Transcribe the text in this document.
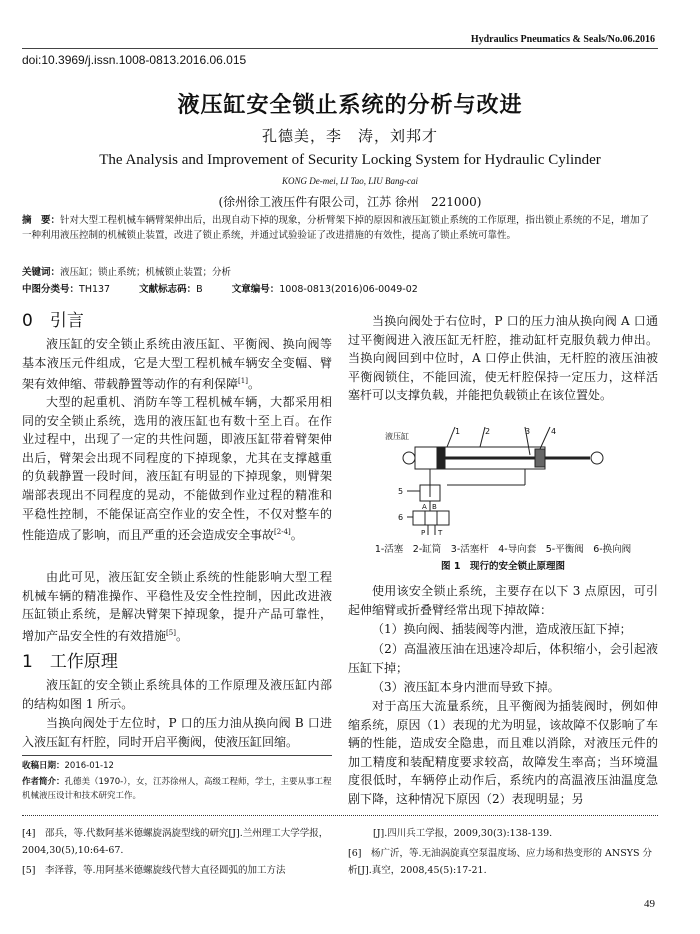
Hydraulics Pneumatics & Seals/No.06.2016
doi:10.3969/j.issn.1008-0813.2016.06.015
液压缸安全锁止系统的分析与改进
孔德美，李　涛，刘邦才
The Analysis and Improvement of Security Locking System for Hydraulic Cylinder
KONG De-mei, LI Tao, LIU Bang-cai
(徐州徐工液压件有限公司，江苏 徐州　221000)
摘　要：针对大型工程机械车辆臂架伸出后，出现自动下掉的现象，分析臂架下掉的原因和液压缸锁止系统的工作原理，指出锁止系统的不足，增加了一种利用液压控制的机械锁止装置，改进了锁止系统，并通过试验验证了改进措施的有效性，提高了锁止系统可靠性。
关键词：液压缸；锁止系统；机械锁止装置；分析
中图分类号：TH137	文献标志码：B	文章编号：1008-0813(2016)06-0049-02
0　引言
液压缸的安全锁止系统由液压缸、平衡阀、换向阀等基本液压元件组成，它是大型工程机械车辆安全变幅、臂架有效伸缩、带载静置等动作的有利保障[1]。
大型的起重机、消防车等工程机械车辆，大都采用相同的安全锁止系统，选用的液压缸也有数十至上百。在作业过程中，出现了一定的共性问题，即液压缸带着臂架伸出后，臂架会出现不同程度的下掉现象，尤其在支撑越重的负载静置一段时间，液压缸有明显的下掉现象，则臂架端部表现出不同程度的晃动，不能做到作业过程的精准和平稳性控制，不能保证高空作业的安全性，不仅对整车的性能造成了影响，而且严重的还会造成安全事故[2-4]。
由此可见，液压缸安全锁止系统的性能影响大型工程机械车辆的精准操作、平稳性及安全性控制，因此改进液压缸锁止系统，是解决臂架下掉现象，提升产品可靠性，增加产品安全性的有效措施[5]。
1　工作原理
液压缸的安全锁止系统具体的工作原理及液压缸内部的结构如图 1 所示。
当换向阀处于左位时，P 口的压力油从换向阀 B 口进入液压缸有杆腔，同时开启平衡阀，使液压缸回缩。
收稿日期：2016-01-12
作者简介：孔德美（1970-），女，江苏徐州人，高级工程师，学士，主要从事工程机械液压设计和技术研究工作。
当换向阀处于右位时，P 口的压力油从换向阀 A 口通过平衡阀进入液压缸无杆腔，推动缸杆克服负载力伸出。当换向阀回到中位时，A 口停止供油，无杆腔的液压油被平衡阀锁住，不能回流，使无杆腔保持一定压力，这样活塞杆可以支撑负载，并能把负载锁止在该位置处。
液压缸
1	2	3	4
5
6
A B
P T
1-活塞　2-缸筒　3-活塞杆　4-导向套　5-平衡阀　6-换向阀
图 1　现行的安全锁止原理图
使用该安全锁止系统，主要存在以下 3 点原因，可引起伸缩臂或折叠臂经常出现下掉故障：
（1）换向阀、插装阀等内泄，造成液压缸下掉；
（2）高温液压油在迅速冷却后，体积缩小，会引起液压缸下掉；
（3）液压缸本身内泄而导致下掉。
对于高压大流量系统，且平衡阀为插装阀时，例如伸缩系统，原因（1）表现的尤为明显，该故障不仅影响了车辆的性能，造成安全隐患，而且难以消除，对液压元件的加工精度和装配精度要求较高，故障发生率高；当环境温度很低时，车辆停止动作后，系统内的高温液压油温度急剧下降，这种情况下原因（2）表现明显；另
[4]　 邵兵，等.代数阿基米德螺旋涡旋型线的研究[J].兰州理工大学学报，2004,30(5),10:64-67.
[5]　 李泽蓉，等.用阿基米德螺旋线代替大直径圆弧的加工方法
[J].四川兵工学报，2009,30(3):138-139.
[6]　 杨广沂，等.无油涡旋真空泵温度场、应力场和热变形的 ANSYS 分析[J].真空，2008,45(5):17-21.
49
